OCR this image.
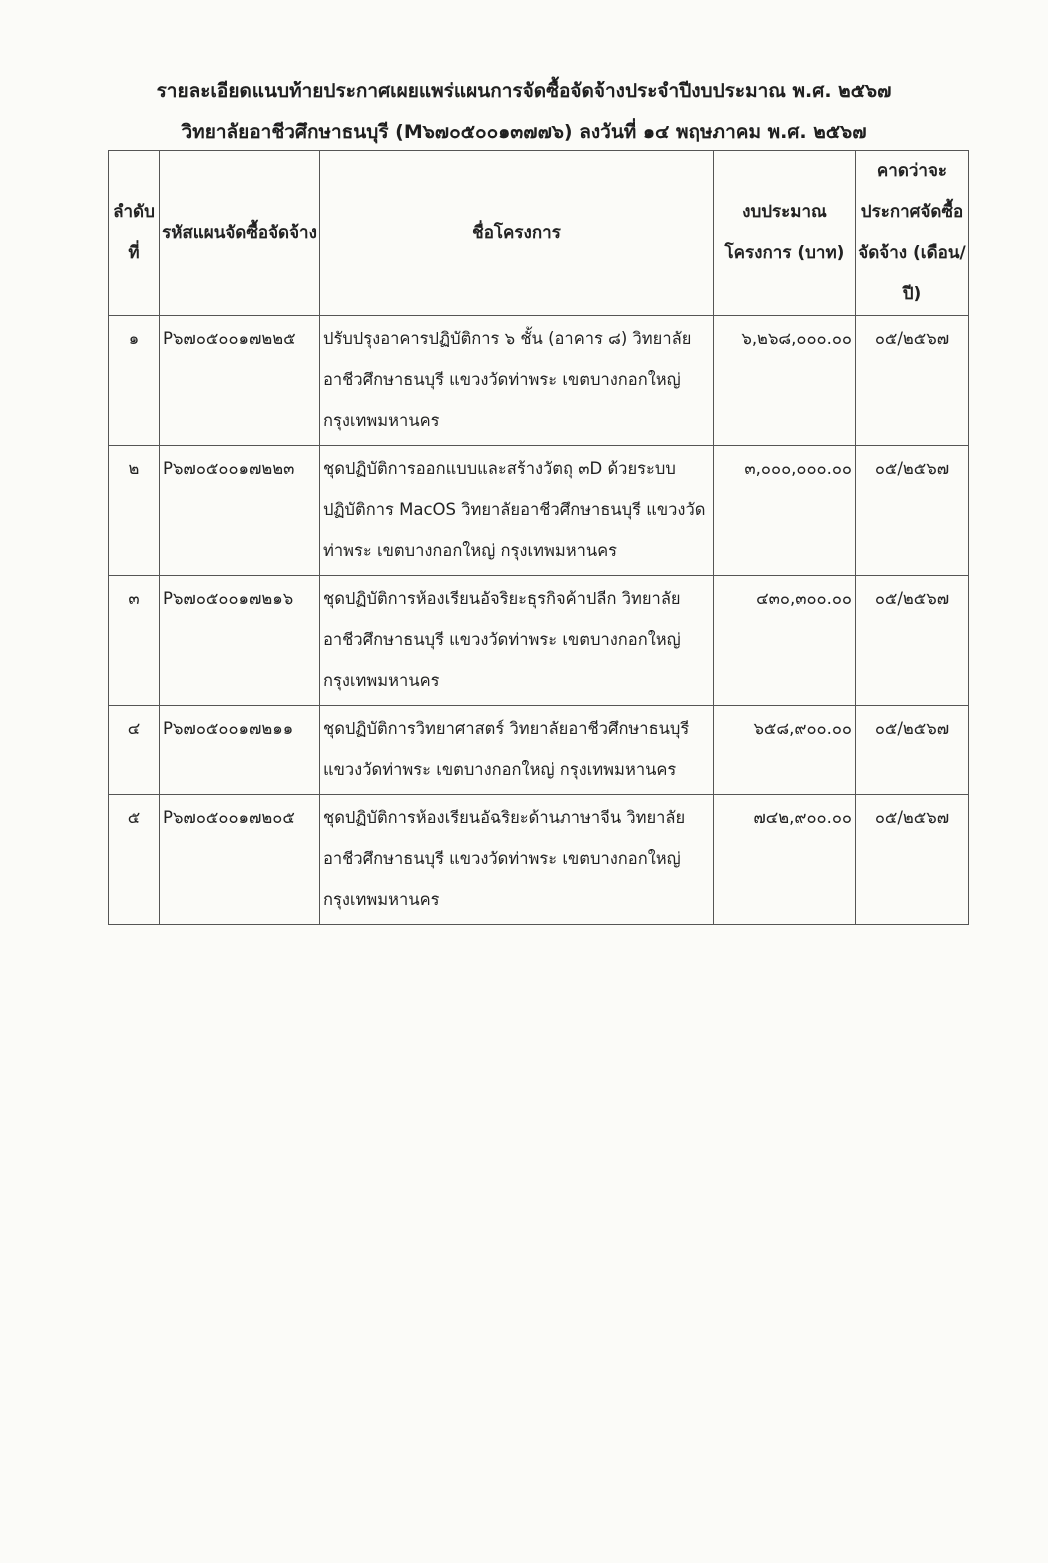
รายละเอียดแนบท้ายประกาศเผยแพร่แผนการจัดซื้อจัดจ้างประจำปีงบประมาณ พ.ศ. ๒๕๖๗
วิทยาลัยอาชีวศึกษาธนบุรี (M๖๗๐๕๐๐๑๓๗๗๖) ลงวันที่ ๑๔ พฤษภาคม พ.ศ. ๒๕๖๗
ลำดับที่	รหัสแผนจัดซื้อจัดจ้าง	ชื่อโครงการ	งบประมาณโครงการ (บาท)	คาดว่าจะประกาศจัดซื้อจัดจ้าง (เดือน/ปี)
๑	P๖๗๐๕๐๐๑๗๒๒๕	ปรับปรุงอาคารปฏิบัติการ ๖ ชั้น (อาคาร ๘) วิทยาลัยอาชีวศึกษาธนบุรี แขวงวัดท่าพระ เขตบางกอกใหญ่ กรุงเทพมหานคร	๖,๒๖๘,๐๐๐.๐๐	๐๕/๒๕๖๗
๒	P๖๗๐๕๐๐๑๗๒๒๓	ชุดปฏิบัติการออกแบบและสร้างวัตถุ ๓D ด้วยระบบปฏิบัติการ MacOS วิทยาลัยอาชีวศึกษาธนบุรี แขวงวัดท่าพระ เขตบางกอกใหญ่ กรุงเทพมหานคร	๓,๐๐๐,๐๐๐.๐๐	๐๕/๒๕๖๗
๓	P๖๗๐๕๐๐๑๗๒๑๖	ชุดปฏิบัติการห้องเรียนอัจริยะธุรกิจค้าปลีก วิทยาลัยอาชีวศึกษาธนบุรี แขวงวัดท่าพระ เขตบางกอกใหญ่ กรุงเทพมหานคร	๔๓๐,๓๐๐.๐๐	๐๕/๒๕๖๗
๔	P๖๗๐๕๐๐๑๗๒๑๑	ชุดปฏิบัติการวิทยาศาสตร์ วิทยาลัยอาชีวศึกษาธนบุรี แขวงวัดท่าพระ เขตบางกอกใหญ่ กรุงเทพมหานคร	๖๕๘,๙๐๐.๐๐	๐๕/๒๕๖๗
๕	P๖๗๐๕๐๐๑๗๒๐๕	ชุดปฏิบัติการห้องเรียนอัฉริยะด้านภาษาจีน วิทยาลัยอาชีวศึกษาธนบุรี แขวงวัดท่าพระ เขตบางกอกใหญ่ กรุงเทพมหานคร	๗๔๒,๙๐๐.๐๐	๐๕/๒๕๖๗
